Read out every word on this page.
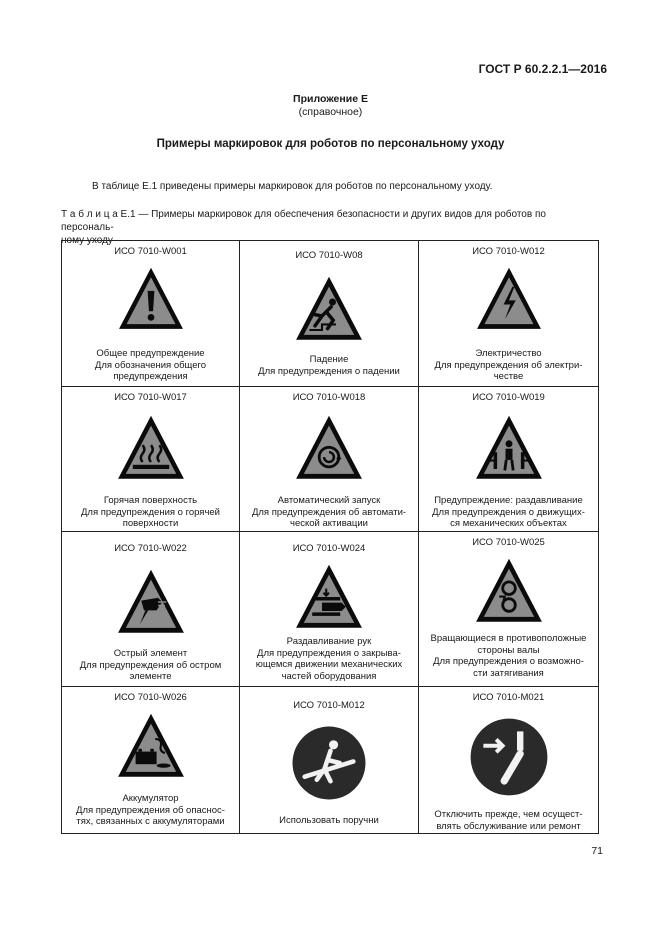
ГОСТ Р 60.2.2.1—2016
Приложение Е
(справочное)
Примеры маркировок для роботов по персональному уходу
В таблице Е.1 приведены примеры маркировок для роботов по персональному уходу.
Т а б л и ц а Е.1 — Примеры маркировок для обеспечения безопасности и других видов для роботов по персональ-
ному уходу
ИСО 7010-W001
Общее предупреждение
Для обозначения общего
предупреждения
ИСО 7010-W08
Падение
Для предупреждения о падении
ИСО 7010-W012
Электричество
Для предупреждения об электри-
честве
ИСО 7010-W017
Горячая поверхность
Для предупреждения о горячей
поверхности
ИСО 7010-W018
Автоматический запуск
Для предупреждения об автомати-
ческой активации
ИСО 7010-W019
Предупреждение: раздавливание
Для предупреждения о движущих-
ся механических объектах
ИСО 7010-W022
Острый элемент
Для предупреждения об остром
элементе
ИСО 7010-W024
Раздавливание рук
Для предупреждения о закрыва-
ющемся движении механических
частей оборудования
ИСО 7010-W025
Вращающиеся в противоположные
стороны валы
Для предупреждения о возможно-
сти затягивания
ИСО 7010-W026
Аккумулятор
Для предупреждения об опаснос-
тях, связанных с аккумуляторами
ИСО 7010-M012
Использовать поручни
ИСО 7010-M021
Отключить прежде, чем осущест-
влять обслуживание или ремонт
71
